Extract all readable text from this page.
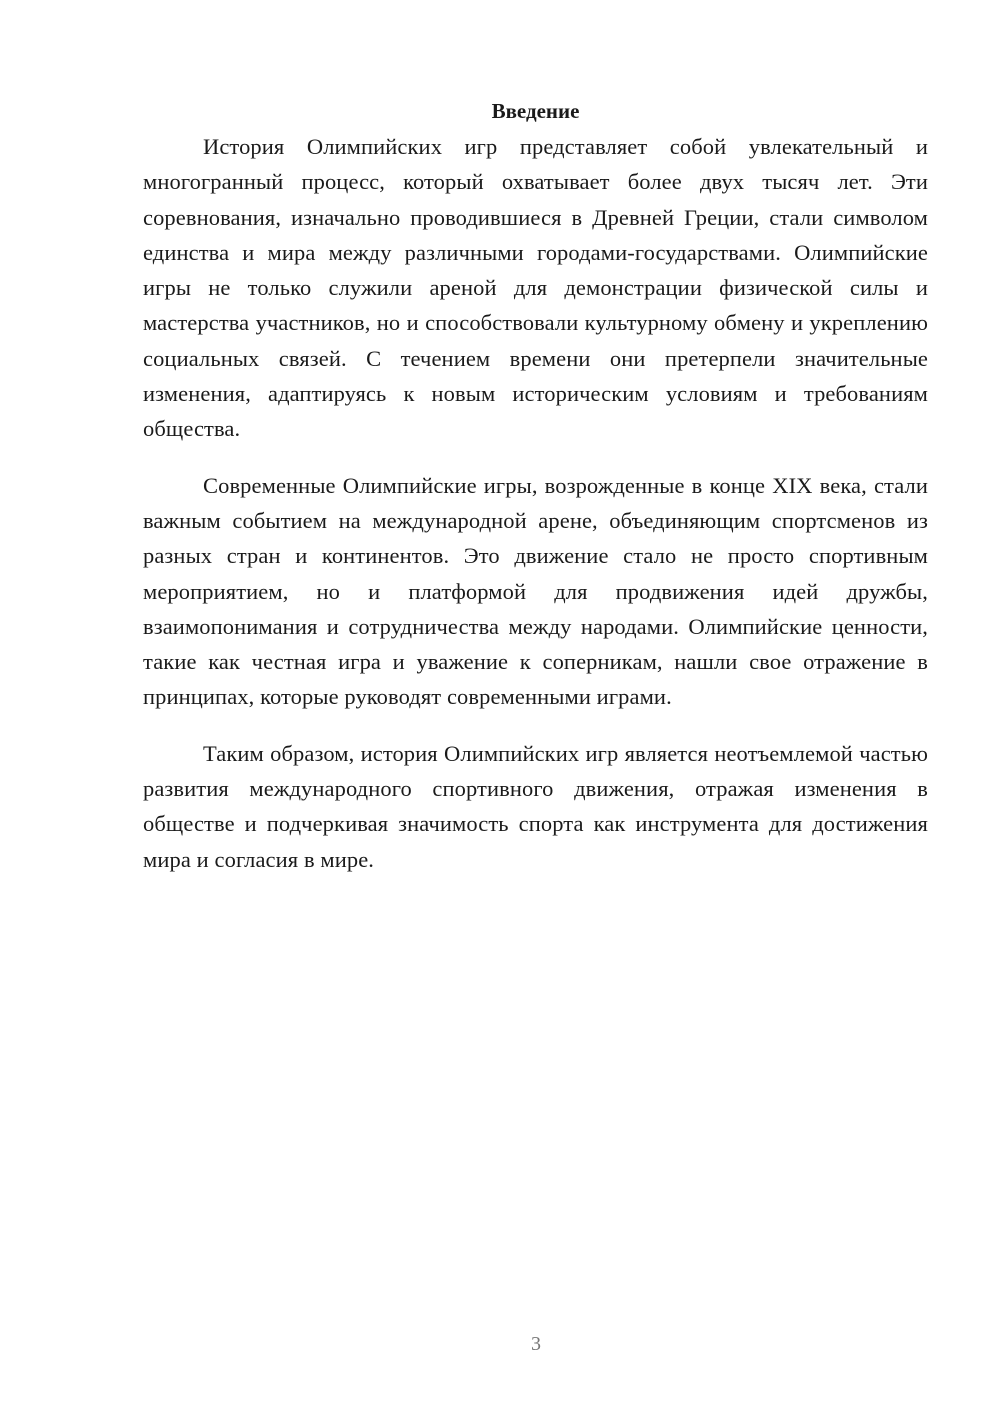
Введение

История Олимпийских игр представляет собой увлекательный и многогранный процесс, который охватывает более двух тысяч лет. Эти соревнования, изначально проводившиеся в Древней Греции, стали символом единства и мира между различными городами-государствами. Олимпийские игры не только служили ареной для демонстрации физической силы и мастерства участников, но и способствовали культурному обмену и укреплению социальных связей. С течением времени они претерпели значительные изменения, адаптируясь к новым историческим условиям и требованиям общества.

Современные Олимпийские игры, возрожденные в конце XIX века, стали важным событием на международной арене, объединяющим спортсменов из разных стран и континентов. Это движение стало не просто спортивным мероприятием, но и платформой для продвижения идей дружбы, взаимопонимания и сотрудничества между народами. Олимпийские ценности, такие как честная игра и уважение к соперникам, нашли свое отражение в принципах, которые руководят современными играми.

Таким образом, история Олимпийских игр является неотъемлемой частью развития международного спортивного движения, отражая изменения в обществе и подчеркивая значимость спорта как инструмента для достижения мира и согласия в мире.

3
